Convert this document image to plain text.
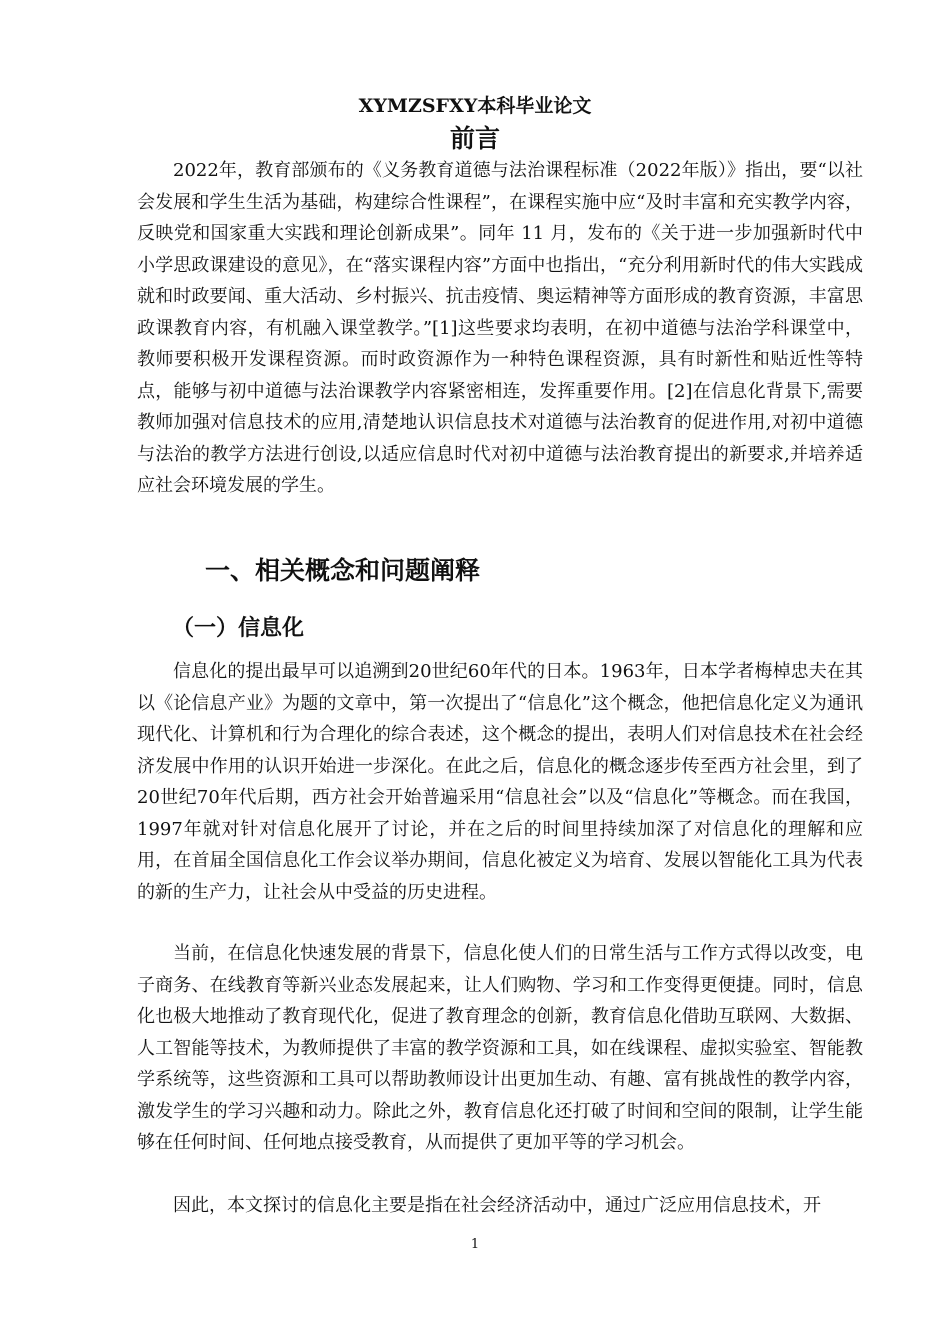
XYMZSFXY本科毕业论文
前言

2022年，教育部颁布的《义务教育道德与法治课程标准（2022年版）》指出，要“以社会发展和学生生活为基础，构建综合性课程”，在课程实施中应“及时丰富和充实教学内容，反映党和国家重大实践和理论创新成果”。同年 11 月，发布的《关于进一步加强新时代中小学思政课建设的意见》，在“落实课程内容”方面中也指出，“充分利用新时代的伟大实践成就和时政要闻、重大活动、乡村振兴、抗击疫情、奥运精神等方面形成的教育资源，丰富思政课教育内容，有机融入课堂教学。”[1]这些要求均表明，在初中道德与法治学科课堂中，教师要积极开发课程资源。而时政资源作为一种特色课程资源，具有时新性和贴近性等特点，能够与初中道德与法治课教学内容紧密相连，发挥重要作用。[2]在信息化背景下,需要教师加强对信息技术的应用,清楚地认识信息技术对道德与法治教育的促进作用,对初中道德与法治的教学方法进行创设,以适应信息时代对初中道德与法治教育提出的新要求,并培养适应社会环境发展的学生。

一、相关概念和问题阐释
（一）信息化

信息化的提出最早可以追溯到20世纪60年代的日本。1963年，日本学者梅棹忠夫在其以《论信息产业》为题的文章中，第一次提出了“信息化”这个概念，他把信息化定义为通讯现代化、计算机和行为合理化的综合表述，这个概念的提出，表明人们对信息技术在社会经济发展中作用的认识开始进一步深化。在此之后，信息化的概念逐步传至西方社会里，到了20世纪70年代后期，西方社会开始普遍采用“信息社会”以及“信息化”等概念。而在我国，1997年就对针对信息化展开了讨论，并在之后的时间里持续加深了对信息化的理解和应用，在首届全国信息化工作会议举办期间，信息化被定义为培育、发展以智能化工具为代表的新的生产力，让社会从中受益的历史进程。

当前，在信息化快速发展的背景下，信息化使人们的日常生活与工作方式得以改变，电子商务、在线教育等新兴业态发展起来，让人们购物、学习和工作变得更便捷。同时，信息化也极大地推动了教育现代化，促进了教育理念的创新，教育信息化借助互联网、大数据、人工智能等技术，为教师提供了丰富的教学资源和工具，如在线课程、虚拟实验室、智能教学系统等，这些资源和工具可以帮助教师设计出更加生动、有趣、富有挑战性的教学内容，激发学生的学习兴趣和动力。除此之外，教育信息化还打破了时间和空间的限制，让学生能够在任何时间、任何地点接受教育，从而提供了更加平等的学习机会。

因此，本文探讨的信息化主要是指在社会经济活动中，通过广泛应用信息技术，开

1
